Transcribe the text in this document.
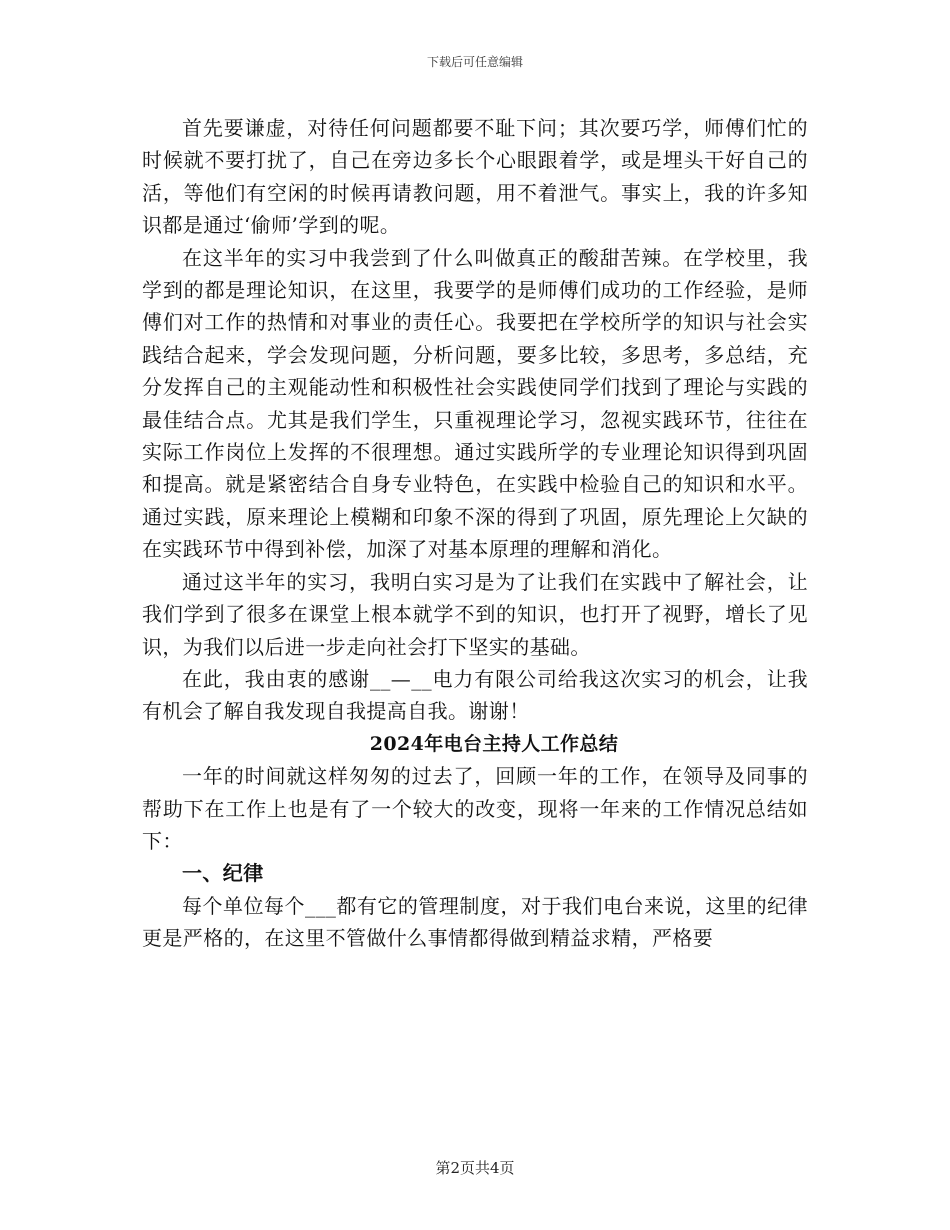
下载后可任意编辑

首先要谦虚，对待任何问题都要不耻下问；其次要巧学，师傅们忙的时候就不要打扰了，自己在旁边多长个心眼跟着学，或是埋头干好自己的活，等他们有空闲的时候再请教问题，用不着泄气。事实上，我的许多知识都是通过‘偷师’学到的呢。

在这半年的实习中我尝到了什么叫做真正的酸甜苦辣。在学校里，我学到的都是理论知识，在这里，我要学的是师傅们成功的工作经验，是师傅们对工作的热情和对事业的责任心。我要把在学校所学的知识与社会实践结合起来，学会发现问题，分析问题，要多比较，多思考，多总结，充分发挥自己的主观能动性和积极性社会实践使同学们找到了理论与实践的最佳结合点。尤其是我们学生，只重视理论学习，忽视实践环节，往往在实际工作岗位上发挥的不很理想。通过实践所学的专业理论知识得到巩固和提高。就是紧密结合自身专业特色，在实践中检验自己的知识和水平。通过实践，原来理论上模糊和印象不深的得到了巩固，原先理论上欠缺的在实践环节中得到补偿，加深了对基本原理的理解和消化。

通过这半年的实习，我明白实习是为了让我们在实践中了解社会，让我们学到了很多在课堂上根本就学不到的知识，也打开了视野，增长了见识，为我们以后进一步走向社会打下坚实的基础。

在此，我由衷的感谢__—__电力有限公司给我这次实习的机会，让我有机会了解自我发现自我提高自我。谢谢！

2024年电台主持人工作总结

一年的时间就这样匆匆的过去了，回顾一年的工作，在领导及同事的帮助下在工作上也是有了一个较大的改变，现将一年来的工作情况总结如下：

一、纪律

每个单位每个___都有它的管理制度，对于我们电台来说，这里的纪律更是严格的，在这里不管做什么事情都得做到精益求精，严格要

第2页共4页
